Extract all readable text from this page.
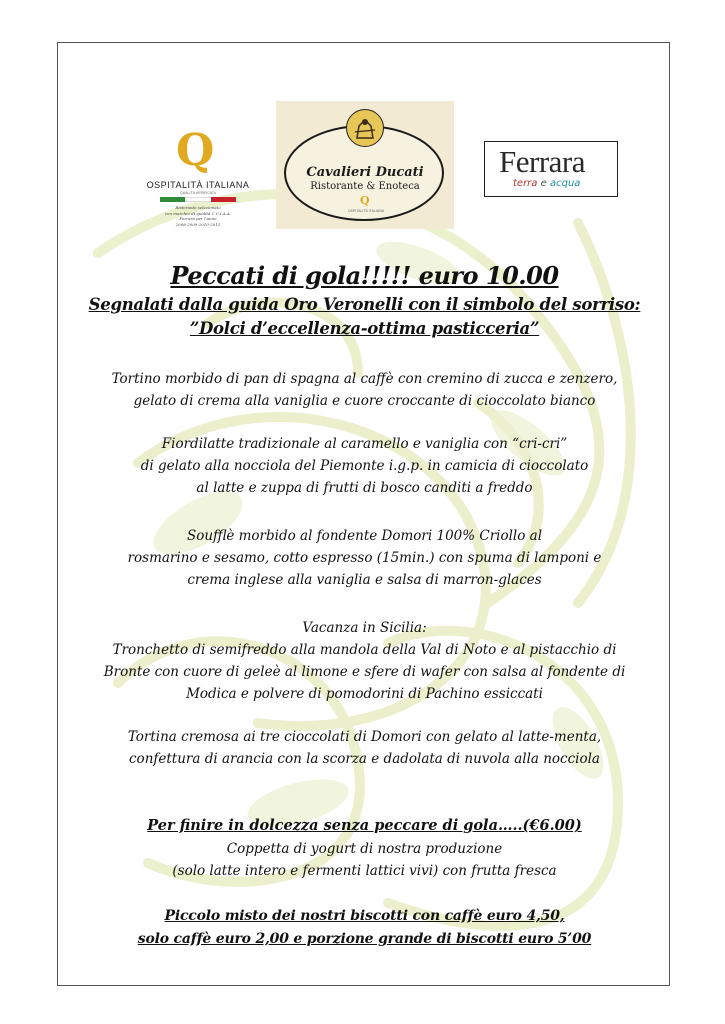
Q
OSPITALITÀ ITALIANA
QUALITÀ VERIFICATA
Ristorante selezionato
con marchio di qualità C.C.I.A.A.
Ferrara per l'anno
2008-2009-2010-2011
Cavalieri Ducati
Ristorante & Enoteca
Q
OSPITALITÀ ITALIANA
Ferrara
terra e acqua
Peccati di gola!!!!! euro 10.00

Segnalati dalla guida Oro Veronelli con il simbolo del sorriso:

”Dolci d’eccellenza-ottima pasticceria”

Tortino morbido di pan di spagna al caffè con cremino di zucca e zenzero,
gelato di crema alla vaniglia e cuore croccante di cioccolato bianco
Fiordilatte tradizionale al caramello e vaniglia con “cri-cri”
di gelato alla nocciola del Piemonte i.g.p. in camicia di cioccolato
al latte e zuppa di frutti di bosco canditi a freddo
Soufflè morbido al fondente Domori 100% Criollo al
rosmarino e sesamo, cotto espresso (15min.) con spuma di lamponi e
crema inglese alla vaniglia e salsa di marron-glaces
Vacanza in Sicilia:
Tronchetto di semifreddo alla mandola della Val di Noto e al pistacchio di
Bronte con cuore di geleè al limone e sfere di wafer con salsa al fondente di
Modica e polvere di pomodorini di Pachino essiccati
Tortina cremosa ai tre cioccolati di Domori con gelato al latte-menta,
confettura di arancia con la scorza e dadolata di nuvola alla nocciola

Per finire in dolcezza senza peccare di gola…..(€6.00)

Coppetta di yogurt di nostra produzione

(solo latte intero e fermenti lattici vivi) con frutta fresca

Piccolo misto dei nostri biscotti con caffè euro 4,50,

solo caffè euro 2,00 e porzione grande di biscotti euro 5’00
